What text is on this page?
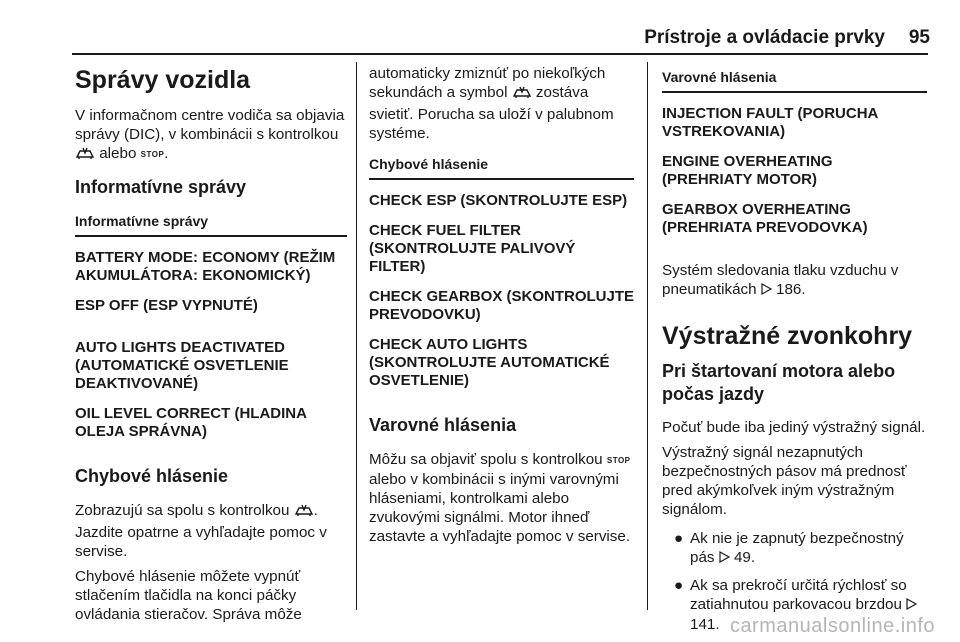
Prístroje a ovládacie prvky	95

Správy vozidla

V informačnom centre vodiča sa objavia správy (DIC), v kombinácii s kontrolkou  alebo STOP.

Informatívne správy

Informatívne správy
BATTERY MODE: ECONOMY (REŽIM AKUMULÁTORA: EKONOMICKÝ)
ESP OFF (ESP VYPNUTÉ)
AUTO LIGHTS DEACTIVATED (AUTOMATICKÉ OSVETLENIE DEAKTIVOVANÉ)
OIL LEVEL CORRECT (HLADINA OLEJA SPRÁVNA)

Chybové hlásenie

Zobrazujú sa spolu s kontrolkou . Jazdite opatrne a vyhľadajte pomoc v servise.

Chybové hlásenie môžete vypnúť stlačením tlačidla na konci páčky ovládania stieračov. Správa môže

automaticky zmiznúť po niekoľkých sekundách a symbol zostáva svietiť. Porucha sa uloží v palubnom systéme.

Chybové hlásenie
CHECK ESP (SKONTROLUJTE ESP)
CHECK FUEL FILTER (SKONTROLUJTE PALIVOVÝ FILTER)
CHECK GEARBOX (SKONTROLUJTE PREVODOVKU)
CHECK AUTO LIGHTS (SKONTROLUJTE AUTOMATICKÉ OSVETLENIE)

Varovné hlásenia

Môžu sa objaviť spolu s kontrolkou STOP alebo v kombinácii s inými varovnými hláseniami, kontrolkami alebo zvukovými signálmi. Motor ihneď zastavte a vyhľadajte pomoc v servise.

Varovné hlásenia
INJECTION FAULT (PORUCHA VSTREKOVANIA)
ENGINE OVERHEATING (PREHRIATY MOTOR)
GEARBOX OVERHEATING (PREHRIATA PREVODOVKA)

Systém sledovania tlaku vzduchu v pneumatikách 186.

Výstražné zvonkohry

Pri štartovaní motora alebo počas jazdy

Počuť bude iba jediný výstražný signál.

Výstražný signál nezapnutých bezpečnostných pásov má prednosť pred akýmkoľvek iným výstražným signálom.

● Ak nie je zapnutý bezpečnostný pás 49.
● Ak sa prekročí určitá rýchlosť so zatiahnutou parkovacou brzdou  141. carmanualsonline.info
